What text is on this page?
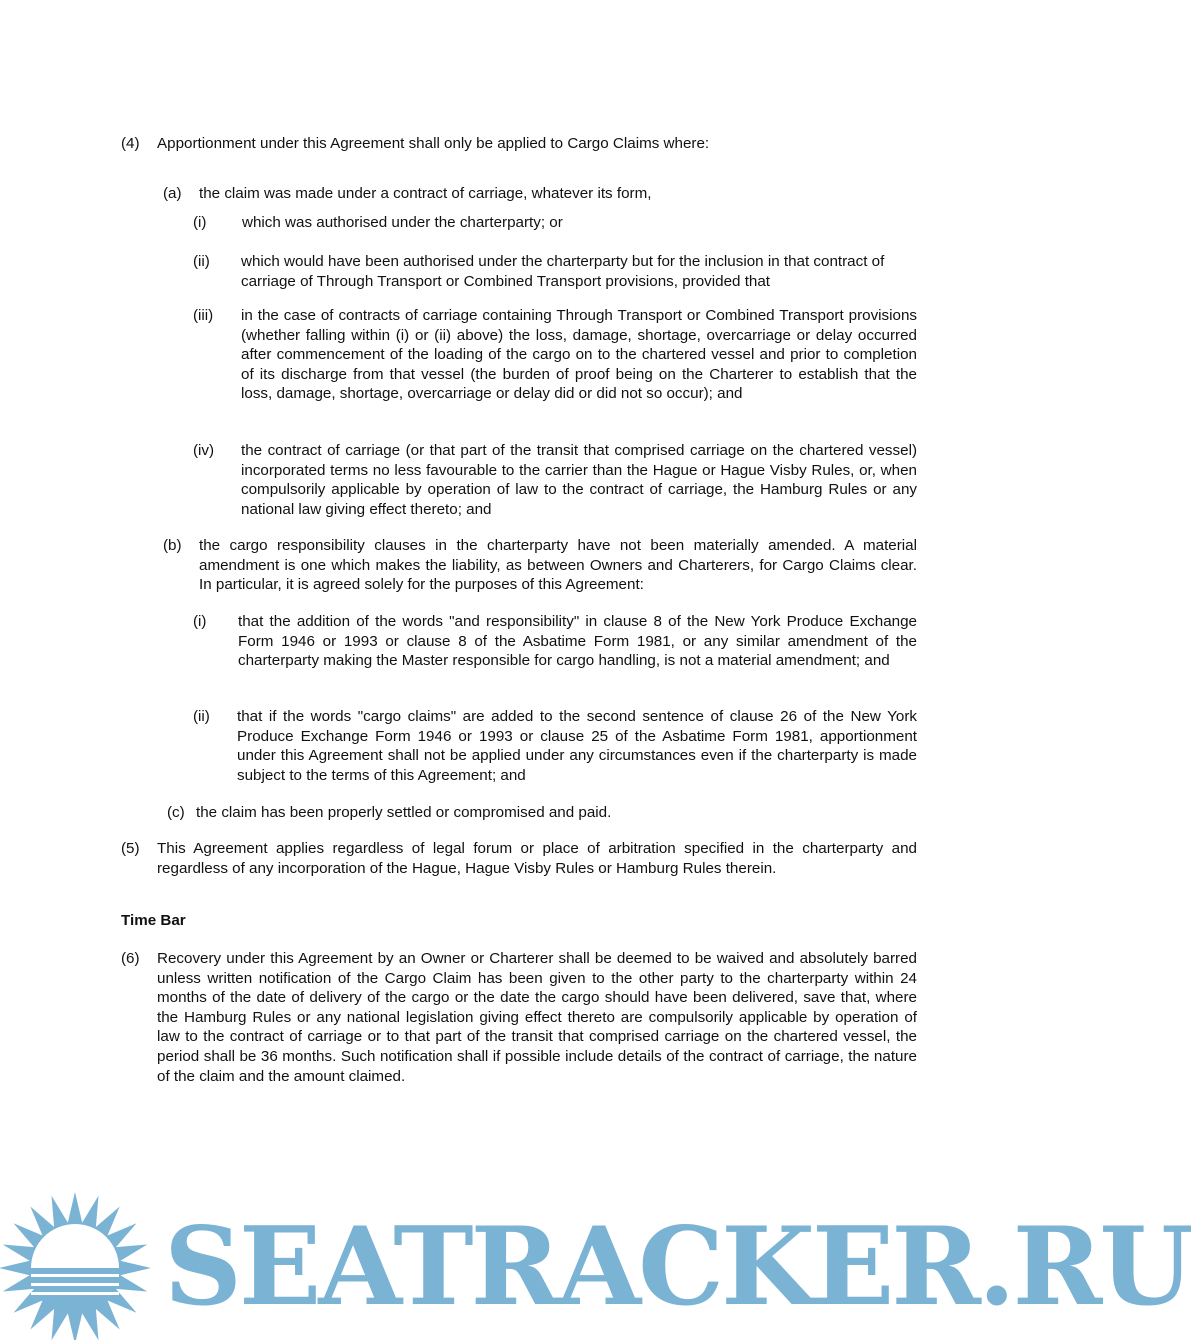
(4) Apportionment under this Agreement shall only be applied to Cargo Claims where:
(a) the claim was made under a contract of carriage, whatever its form,
(i) which was authorised under the charterparty; or
(ii) which would have been authorised under the charterparty but for the inclusion in that contract of carriage of Through Transport or Combined Transport provisions, provided that
(iii) in the case of contracts of carriage containing Through Transport or Combined Transport provisions (whether falling within (i) or (ii) above) the loss, damage, shortage, overcarriage or delay occurred after commencement of the loading of the cargo on to the chartered vessel and prior to completion of its discharge from that vessel (the burden of proof being on the Charterer to establish that the loss, damage, shortage, overcarriage or delay did or did not so occur); and
(iv) the contract of carriage (or that part of the transit that comprised carriage on the chartered vessel) incorporated terms no less favourable to the carrier than the Hague or Hague Visby Rules, or, when compulsorily applicable by operation of law to the contract of carriage, the Hamburg Rules or any national law giving effect thereto; and
(b) the cargo responsibility clauses in the charterparty have not been materially amended. A material amendment is one which makes the liability, as between Owners and Charterers, for Cargo Claims clear. In particular, it is agreed solely for the purposes of this Agreement:
(i) that the addition of the words "and responsibility" in clause 8 of the New York Produce Exchange Form 1946 or 1993 or clause 8 of the Asbatime Form 1981, or any similar amendment of the charterparty making the Master responsible for cargo handling, is not a material amendment; and
(ii) that if the words "cargo claims" are added to the second sentence of clause 26 of the New York Produce Exchange Form 1946 or 1993 or clause 25 of the Asbatime Form 1981, apportionment under this Agreement shall not be applied under any circumstances even if the charterparty is made subject to the terms of this Agreement; and
(c) the claim has been properly settled or compromised and paid.
(5) This Agreement applies regardless of legal forum or place of arbitration specified in the charterparty and regardless of any incorporation of the Hague, Hague Visby Rules or Hamburg Rules therein.
Time Bar
(6) Recovery under this Agreement by an Owner or Charterer shall be deemed to be waived and absolutely barred unless written notification of the Cargo Claim has been given to the other party to the charterparty within 24 months of the date of delivery of the cargo or the date the cargo should have been delivered, save that, where the Hamburg Rules or any national legislation giving effect thereto are compulsorily applicable by operation of law to the contract of carriage or to that part of the transit that comprised carriage on the chartered vessel, the period shall be 36 months. Such notification shall if possible include details of the contract of carriage, the nature of the claim and the amount claimed.
SEATRACKER.RU
